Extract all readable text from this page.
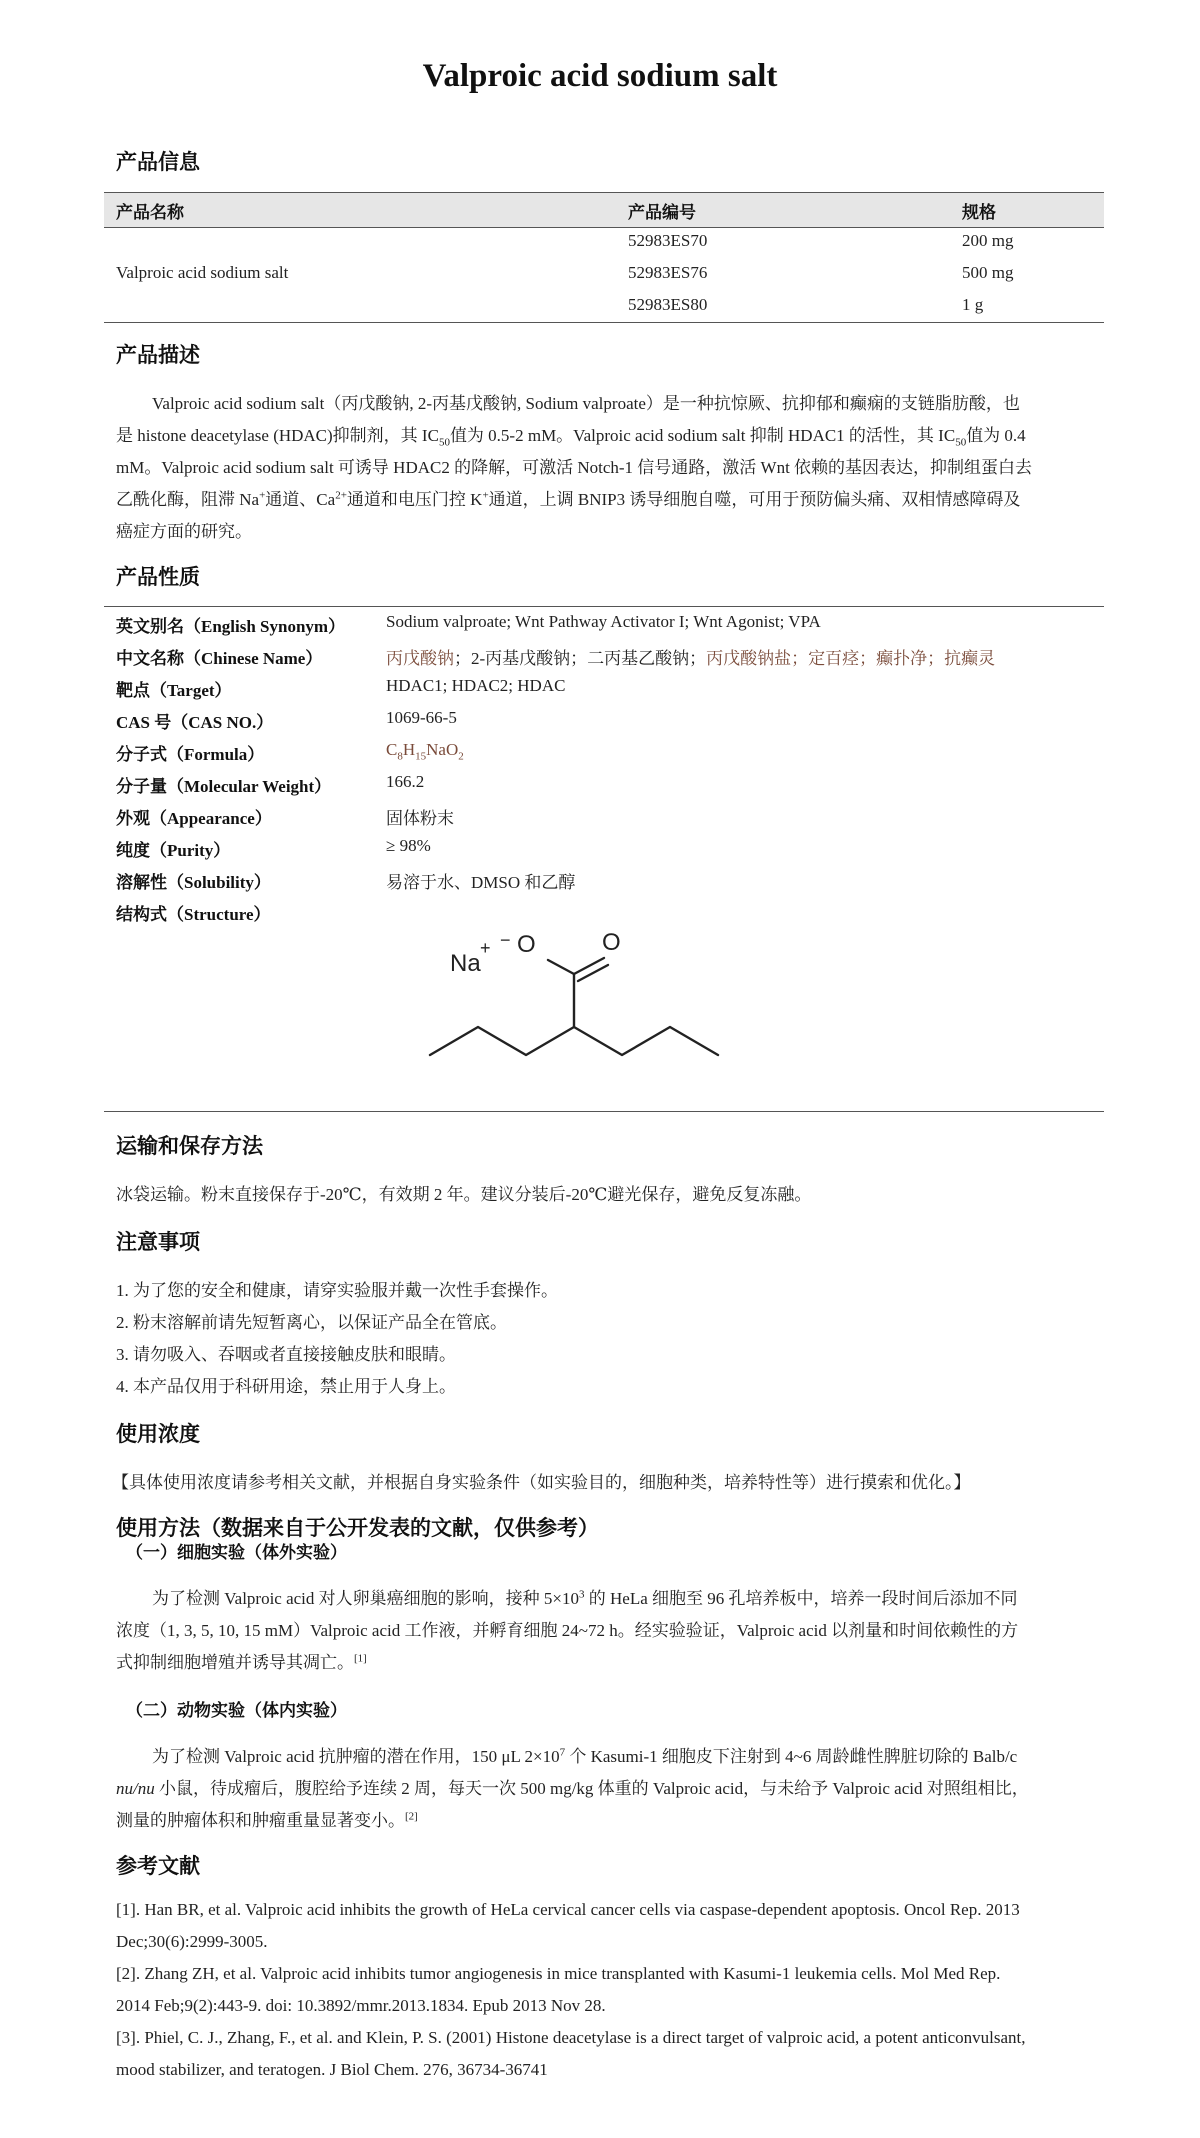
Valproic acid sodium salt
产品信息
产品名称	产品编号	规格
Valproic acid sodium salt
52983ES70	200 mg
52983ES76	500 mg
52983ES80	1 g
产品描述
Valproic acid sodium salt（丙戊酸钠, 2-丙基戊酸钠, Sodium valproate）是一种抗惊厥、抗抑郁和癫痫的支链脂肪酸，也
是 histone deacetylase (HDAC)抑制剂，其 $IC_{50}$值为 0.5-2 mM。Valproic acid sodium salt 抑制 HDAC1 的活性，其 $IC_{50}$值为 0.4
mM。Valproic acid sodium salt 可诱导 HDAC2 的降解，可激活 Notch-1 信号通路，激活 Wnt 依赖的基因表达，抑制组蛋白去
乙酰化酶，阻滞 Na+通道、$Ca^{2+}$通道和电压门控 K+通道，上调 BNIP3 诱导细胞自噬，可用于预防偏头痛、双相情感障碍及
癌症方面的研究。
产品性质
英文别名（English Synonym） Sodium valproate; Wnt Pathway Activator I; Wnt Agonist; VPA
中文名称（Chinese Name）	丙戊酸钠；2-丙基戊酸钠；二丙基乙酸钠；丙戊酸钠盐；定百痉；癫扑净；抗癫灵
靶点（Target）	HDAC1; HDAC2; HDAC
CAS 号（CAS NO.）	1069-66-5
分子式（Formula）	$C_8H_{15}NaO_2$
分子量（Molecular Weight）	166.2
外观（Appearance）	固体粉末
纯度（Purity）	≥ 98%
溶解性（Solubility）	易溶于水、DMSO 和乙醇
结构式（Structure）
Na
+ − O	O
运输和保存方法
冰袋运输。粉末直接保存于-20℃，有效期 2 年。建议分装后-20℃避光保存，避免反复冻融。
注意事项
1. 为了您的安全和健康，请穿实验服并戴一次性手套操作。
2. 粉末溶解前请先短暂离心，以保证产品全在管底。
3. 请勿吸入、吞咽或者直接接触皮肤和眼睛。
4. 本产品仅用于科研用途，禁止用于人身上。
使用浓度
【具体使用浓度请参考相关文献，并根据自身实验条件（如实验目的，细胞种类，培养特性等）进行摸索和优化。】
使用方法（数据来自于公开发表的文献，仅供参考）
（一）细胞实验（体外实验）
为了检测 Valproic acid 对人卵巢癌细胞的影响，接种 $5\times 10^3$ 的 HeLa 细胞至 96 孔培养板中，培养一段时间后添加不同
浓度（1, 3, 5, 10, 15 mM）Valproic acid 工作液，并孵育细胞 24~72 h。经实验验证，Valproic acid 以剂量和时间依赖性的方
式抑制细胞增殖并诱导其凋亡。[1]
（二）动物实验（体内实验）
为了检测 Valproic acid 抗肿瘤的潜在作用，150 μL $2\times 10^7$ 个 Kasumi-1 细胞皮下注射到 4~6 周龄雌性脾脏切除的 Balb/c
nu/nu 小鼠，待成瘤后，腹腔给予连续 2 周，每天一次 500 mg/kg 体重的 Valproic acid，与未给予 Valproic acid 对照组相比，
测量的肿瘤体积和肿瘤重量显著变小。[2]
参考文献
[1]. Han BR, et al. Valproic acid inhibits the growth of HeLa cervical cancer cells via caspase-dependent apoptosis. Oncol Rep. 2013
Dec;30(6):2999-3005.
[2]. Zhang ZH, et al. Valproic acid inhibits tumor angiogenesis in mice transplanted with Kasumi-1 leukemia cells. Mol Med Rep.
2014 Feb;9(2):443-9. doi: 10.3892/mmr.2013.1834. Epub 2013 Nov 28.
[3]. Phiel, C. J., Zhang, F., et al. and Klein, P. S. (2001) Histone deacetylase is a direct target of valproic acid, a potent anticonvulsant,
mood stabilizer, and teratogen. J Biol Chem. 276, 36734-36741
